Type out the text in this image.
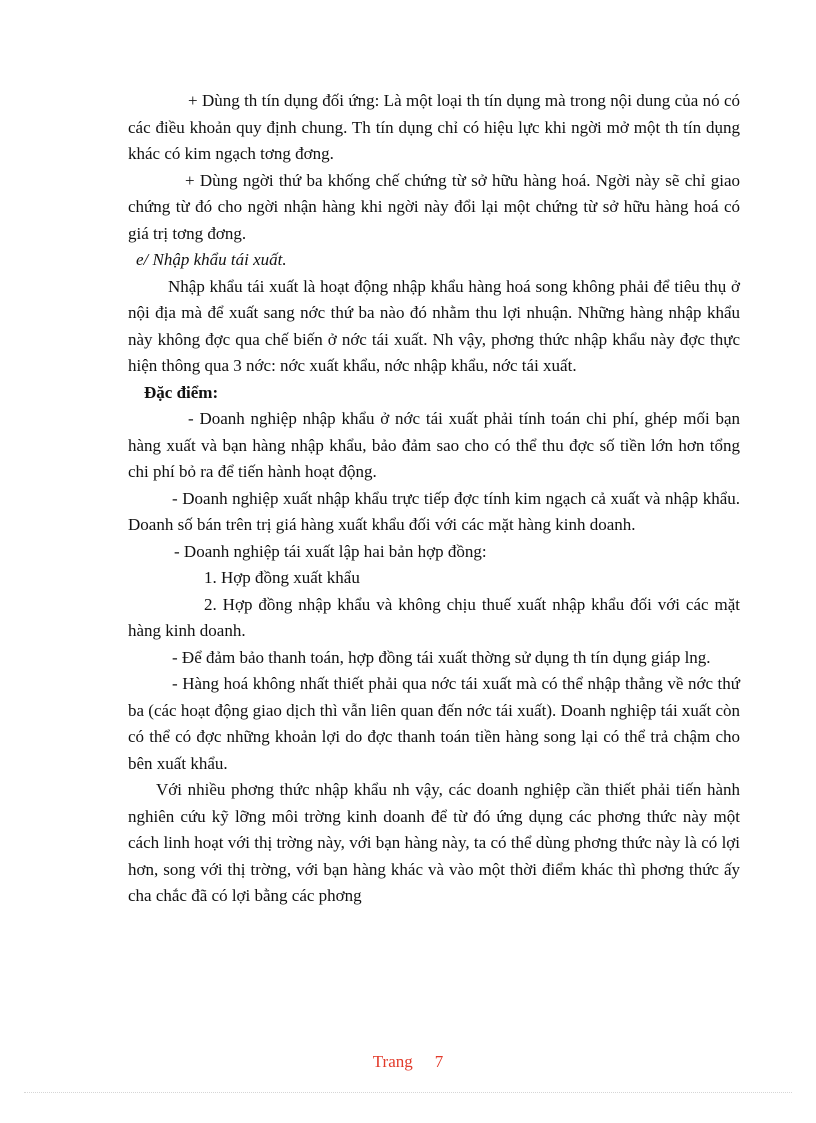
+ Dùng th tín dụng đối ứng: Là một loại th tín dụng mà trong nội dung của nó có các điều khoản quy định chung. Th tín dụng chỉ có hiệu lực khi ngời mở một th tín dụng khác có kim ngạch tơng đơng.

+ Dùng ngời thứ ba khống chế chứng từ sở hữu hàng hoá. Ngời này sẽ chỉ giao chứng từ đó cho ngời nhận hàng khi ngời này đổi lại một chứng từ sở hữu hàng hoá có giá trị tơng đơng.

e/ Nhập khẩu tái xuất.

Nhập khẩu tái xuất là hoạt động nhập khẩu hàng hoá song không phải để tiêu thụ ở nội địa mà để xuất sang nớc thứ ba nào đó nhằm thu lợi nhuận. Những hàng nhập khẩu này không đợc qua chế biến ở nớc tái xuất. Nh vậy, phơng thức nhập khẩu này đợc thực hiện thông qua 3 nớc: nớc xuất khẩu, nớc nhập khẩu, nớc tái xuất.

Đặc điểm:

- Doanh nghiệp nhập khẩu ở nớc tái xuất phải tính toán chi phí, ghép mối bạn hàng xuất và bạn hàng nhập khẩu, bảo đảm sao cho có thể thu đợc số tiền lớn hơn tổng chi phí bỏ ra để tiến hành hoạt động.

- Doanh nghiệp xuất nhập khẩu trực tiếp đợc tính kim ngạch cả xuất và nhập khẩu. Doanh số bán trên trị giá hàng xuất khẩu đối với các mặt hàng kinh doanh.

- Doanh nghiệp tái xuất lập hai bản hợp đồng:

1. Hợp đồng xuất khẩu

2. Hợp đồng nhập khẩu và không chịu thuế xuất nhập khẩu đối với các mặt hàng kinh doanh.

- Để đảm bảo thanh toán, hợp đồng tái xuất thờng sử dụng th tín dụng giáp lng.

- Hàng hoá không nhất thiết phải qua nớc tái xuất mà có thể nhập thẳng về nớc thứ ba (các hoạt động giao dịch thì vẫn liên quan đến nớc tái xuất). Doanh nghiệp tái xuất còn có thể có đợc những khoản lợi do đợc thanh toán tiền hàng song lại có thể trả chậm cho bên xuất khẩu.

Với nhiều phơng thức nhập khẩu nh vậy, các doanh nghiệp cần thiết phải tiến hành nghiên cứu kỹ lỡng môi trờng kinh doanh để từ đó ứng dụng các phơng thức này một cách linh hoạt với thị trờng này, với bạn hàng này, ta có thể dùng phơng thức này là có lợi hơn, song với thị trờng, với bạn hàng khác và vào một thời điểm khác thì phơng thức ấy cha chắc đã có lợi bằng các phơng

Trang 7
